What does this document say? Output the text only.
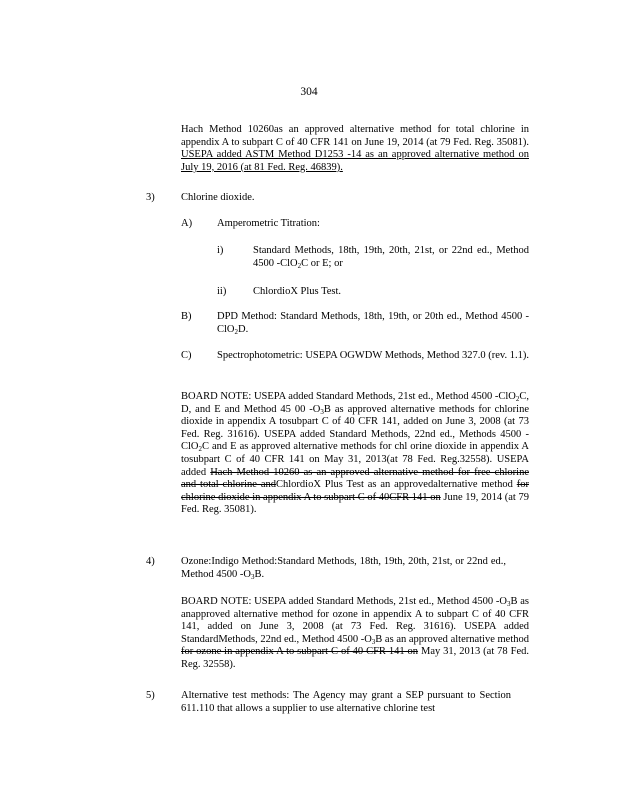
304

Hach Method 10260as an approved alternative method for total chlorine in appendix A to subpart C of 40 CFR 141 on June 19, 2014 (at 79 Fed. Reg. 35081). USEPA added ASTM Method D1253 -14 as an approved alternative method on July 19, 2016 (at 81 Fed. Reg. 46839).

3)	Chlorine dioxide.
A) Amperometric Titration:
i)	Standard Methods, 18th, 19th, 20th, 21st, or 22nd ed., Method 4500 -ClO$_2$C or E; or

ii)	ChlordioX Plus Test.
B) DPD Method: Standard Methods, 18th, 19th, or 20th ed., Method 4500 -ClO$_2$D.

C) Spectrophotometric: USEPA OGWDW Methods, Method 327.0 (rev. 1.1).

BOARD NOTE: USEPA added Standard Methods, 21st ed., Method 4500 -ClO$_2$C, D, and E and Method 45 00 $-O_3B$ as approved alternative methods for chlorine dioxide in appendix A tosubpart C of 40 CFR 141, added on June 3, 2008 (at 73 Fed. Reg. 31616). USEPA added Standard Methods, 22nd ed., Methods 4500 -ClO$_2$C and E as approved alternative methods for chl orine dioxide in appendix A tosubpart C of 40 CFR 141 on May 31, 2013(at 78 Fed. Reg.32558). USEPA added Hach Method 10260 as an approved alternative method for free chlorine and total chlorine andChlordioX Plus Test as an approvedalternative method for chlorine dioxide in appendix A to subpart C of 40CFR 141 on June 19, 2014 (at 79 Fed. Reg. 35081).

4)	Ozone:Indigo Method:Standard Methods, 18th, 19th, 20th, 21st, or 22nd ed., Method 4500 $-O_3B$.

BOARD NOTE: USEPA added Standard Methods, 21st ed., Method 4500 $-O_3B$ as anapproved alternative method for ozone in appendix A to subpart C of 40 CFR 141, added on June 3, 2008 (at 73 Fed. Reg. 31616). USEPA added StandardMethods, 22nd ed., Method 4500 $-O_3B$ as an approved alternative method for ozone in appendix A to subpart C of 40 CFR 141 on May 31, 2013 (at 78 Fed. Reg. 32558).

5)	Alternative test methods: The Agency may grant a SEP pursuant to Section 611.110 that allows a supplier to use alternative chlorine test
